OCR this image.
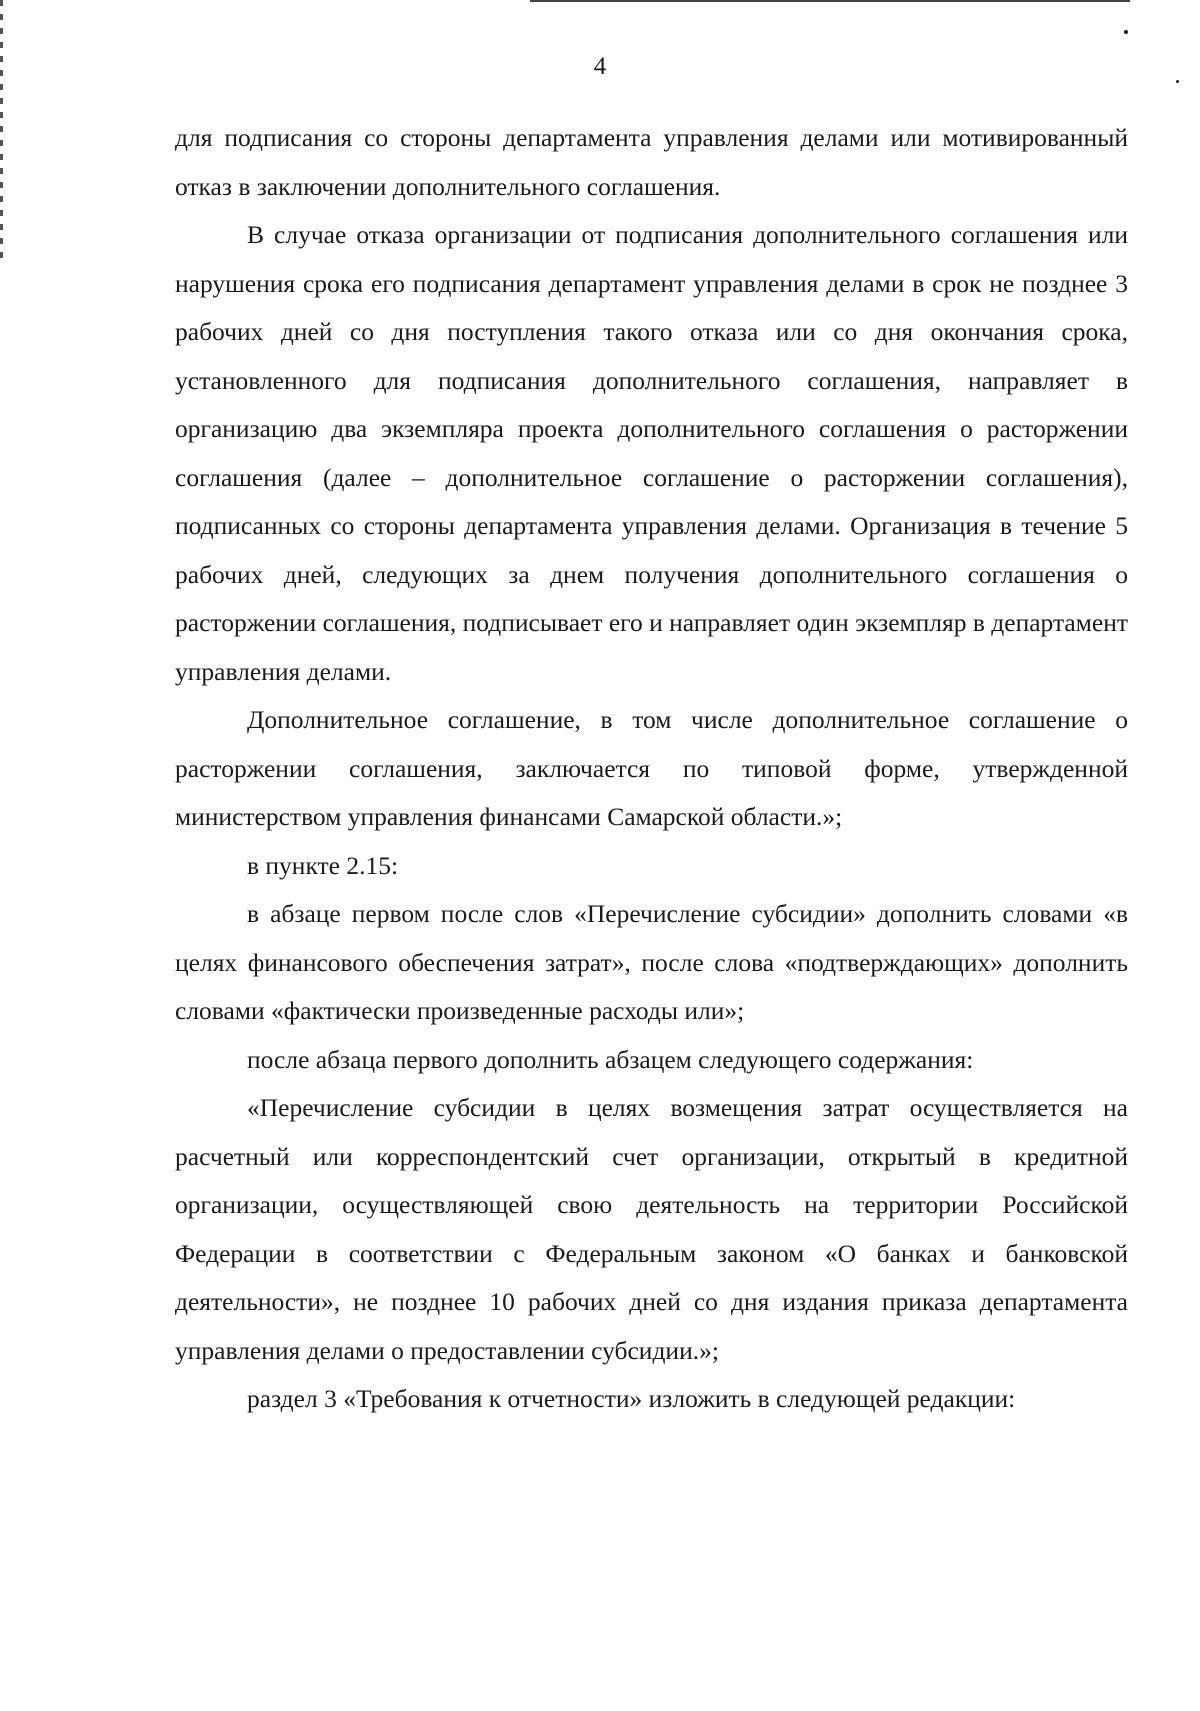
4

для подписания со стороны департамента управления делами или мотивированный отказ в заключении дополнительного соглашения.

В случае отказа организации от подписания дополнительного соглашения или нарушения срока его подписания департамент управления делами в срок не позднее 3 рабочих дней со дня поступления такого отказа или со дня окончания срока, установленного для подписания дополнительного соглашения, направляет в организацию два экземпляра проекта дополнительного соглашения о расторжении соглашения (далее – дополнительное соглашение о расторжении соглашения), подписанных со стороны департамента управления делами. Организация в течение 5 рабочих дней, следующих за днем получения дополнительного соглашения о расторжении соглашения, подписывает его и направляет один экземпляр в департамент управления делами.

Дополнительное соглашение, в том числе дополнительное соглашение о расторжении соглашения, заключается по типовой форме, утвержденной министерством управления финансами Самарской области.»;

в пункте 2.15:

в абзаце первом после слов «Перечисление субсидии» дополнить словами «в целях финансового обеспечения затрат», после слова «подтверждающих» дополнить словами «фактически произведенные расходы или»;

после абзаца первого дополнить абзацем следующего содержания:

«Перечисление субсидии в целях возмещения затрат осуществляется на расчетный или корреспондентский счет организации, открытый в кредитной организации, осуществляющей свою деятельность на территории Российской Федерации в соответствии с Федеральным законом «О банках и банковской деятельности», не позднее 10 рабочих дней со дня издания приказа департамента управления делами о предоставлении субсидии.»;

раздел 3 «Требования к отчетности» изложить в следующей редакции:
